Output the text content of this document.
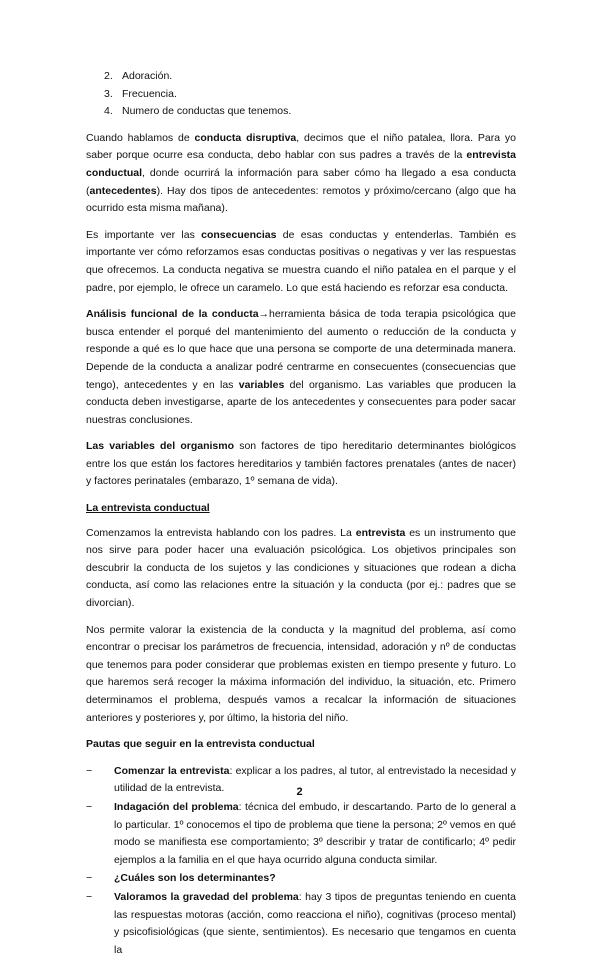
2. Adoración.
3. Frecuencia.
4. Numero de conductas que tenemos.

Cuando hablamos de conducta disruptiva, decimos que el niño patalea, llora. Para yo saber porque ocurre esa conducta, debo hablar con sus padres a través de la entrevista conductual, donde ocurrirá la información para saber cómo ha llegado a esa conducta (antecedentes). Hay dos tipos de antecedentes: remotos y próximo/cercano (algo que ha ocurrido esta misma mañana).

Es importante ver las consecuencias de esas conductas y entenderlas. También es importante ver cómo reforzamos esas conductas positivas o negativas y ver las respuestas que ofrecemos. La conducta negativa se muestra cuando el niño patalea en el parque y el padre, por ejemplo, le ofrece un caramelo. Lo que está haciendo es reforzar esa conducta.

Análisis funcional de la conducta→herramienta básica de toda terapia psicológica que busca entender el porqué del mantenimiento del aumento o reducción de la conducta y responde a qué es lo que hace que una persona se comporte de una determinada manera. Depende de la conducta a analizar podré centrarme en consecuentes (consecuencias que tengo), antecedentes y en las variables del organismo. Las variables que producen la conducta deben investigarse, aparte de los antecedentes y consecuentes para poder sacar nuestras conclusiones.

Las variables del organismo son factores de tipo hereditario determinantes biológicos entre los que están los factores hereditarios y también factores prenatales (antes de nacer) y factores perinatales (embarazo, 1º semana de vida).

La entrevista conductual

Comenzamos la entrevista hablando con los padres. La entrevista es un instrumento que nos sirve para poder hacer una evaluación psicológica. Los objetivos principales son descubrir la conducta de los sujetos y las condiciones y situaciones que rodean a dicha conducta, así como las relaciones entre la situación y la conducta (por ej.: padres que se divorcian).

Nos permite valorar la existencia de la conducta y la magnitud del problema, así como encontrar o precisar los parámetros de frecuencia, intensidad, adoración y nº de conductas que tenemos para poder considerar que problemas existen en tiempo presente y futuro. Lo que haremos será recoger la máxima información del individuo, la situación, etc. Primero determinamos el problema, después vamos a recalcar la información de situaciones anteriores y posteriores y, por último, la historia del niño.

Pautas que seguir en la entrevista conductual
−	Comenzar la entrevista: explicar a los padres, al tutor, al entrevistado la necesidad y utilidad de la entrevista.
−	Indagación del problema: técnica del embudo, ir descartando. Parto de lo general a lo particular. 1º conocemos el tipo de problema que tiene la persona; 2º vemos en qué modo se manifiesta ese comportamiento; 3º describir y tratar de contificarlo; 4º pedir ejemplos a la familia en el que haya ocurrido alguna conducta similar.
−	¿Cuáles son los determinantes?
−	Valoramos la gravedad del problema: hay 3 tipos de preguntas teniendo en cuenta las respuestas motoras (acción, como reacciona el niño), cognitivas (proceso mental) y psicofisiológicas (que siente, sentimientos). Es necesario que tengamos en cuenta la
2
